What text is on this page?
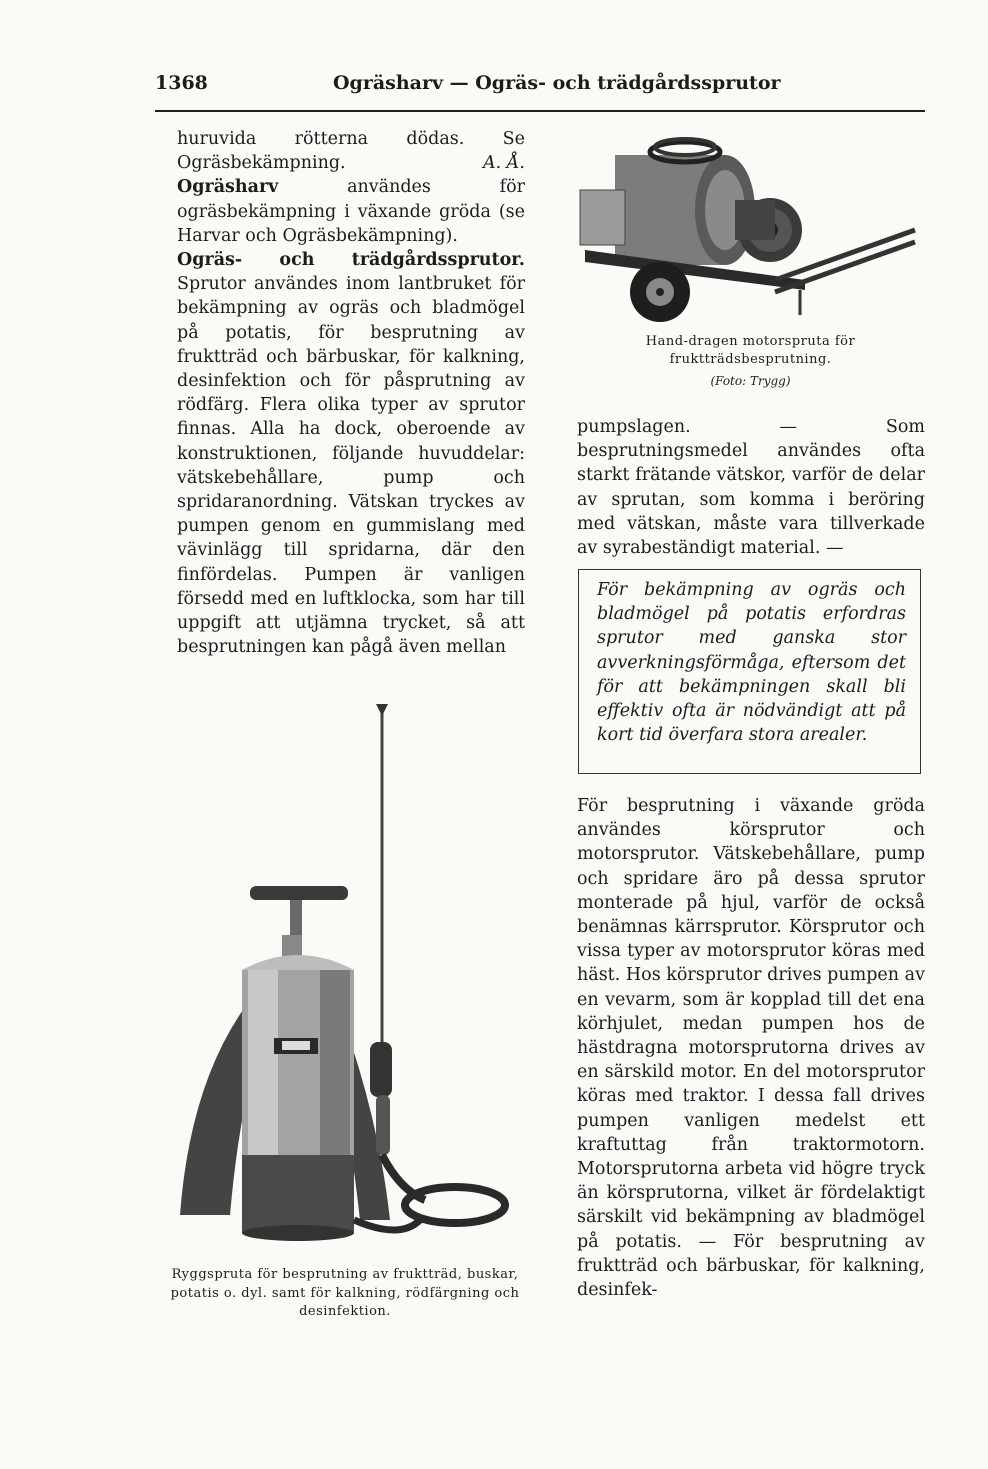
1368	Ogräsharv — Ogräs- och trädgårdssprutor

huruvida rötterna dödas. Se Ogräsbekämpning.	A. Å.

Ogräsharv användes för ogräsbekämpning i växande gröda (se Harvar och Ogräsbekämpning).

Ogräs- och trädgårdssprutor. Sprutor användes inom lantbruket för bekämpning av ogräs och bladmögel på potatis, för besprutning av fruktträd och bärbuskar, för kalkning, desinfektion och för påsprutning av rödfärg. Flera olika typer av sprutor finnas. Alla ha dock, oberoende av konstruktionen, följande huvuddelar: vätskebehållare, pump och spridaranordning. Vätskan tryckes av pumpen genom en gummislang med vävinlägg till spridarna, där den finfördelas. Pumpen är vanligen försedd med en luftklocka, som har till uppgift att utjämna trycket, så att besprutningen kan pågå även mellan

Hand-dragen motorspruta för fruktträdsbesprutning.
(Foto: Trygg)

pumpslagen. — Som besprutningsmedel användes ofta starkt frätande vätskor, varför de delar av sprutan, som komma i beröring med vätskan, måste vara tillverkade av syrabeständigt material. —

För bekämpning av ogräs och bladmögel på potatis erfordras sprutor med ganska stor avverkningsförmåga, eftersom det för att bekämpningen skall bli effektiv ofta är nödvändigt att på kort tid överfara stora arealer.

För besprutning i växande gröda användes körsprutor och motorsprutor. Vätskebehållare, pump och spridare äro på dessa sprutor monterade på hjul, varför de också benämnas kärrsprutor. Körsprutor och vissa typer av motorsprutor köras med häst. Hos körsprutor drives pumpen av en vevarm, som är kopplad till det ena körhjulet, medan pumpen hos de hästdragna motorsprutorna drives av en särskild motor. En del motorsprutor köras med traktor. I dessa fall drives pumpen vanligen medelst ett kraftuttag från traktormotorn. Motorsprutorna arbeta vid högre tryck än körsprutorna, vilket är fördelaktigt särskilt vid bekämpning av bladmögel på potatis. — För besprutning av fruktträd och bärbuskar, för kalkning, desinfek-

Ryggspruta för besprutning av fruktträd, buskar, potatis o. dyl. samt för kalkning, rödfärgning och desinfektion.
